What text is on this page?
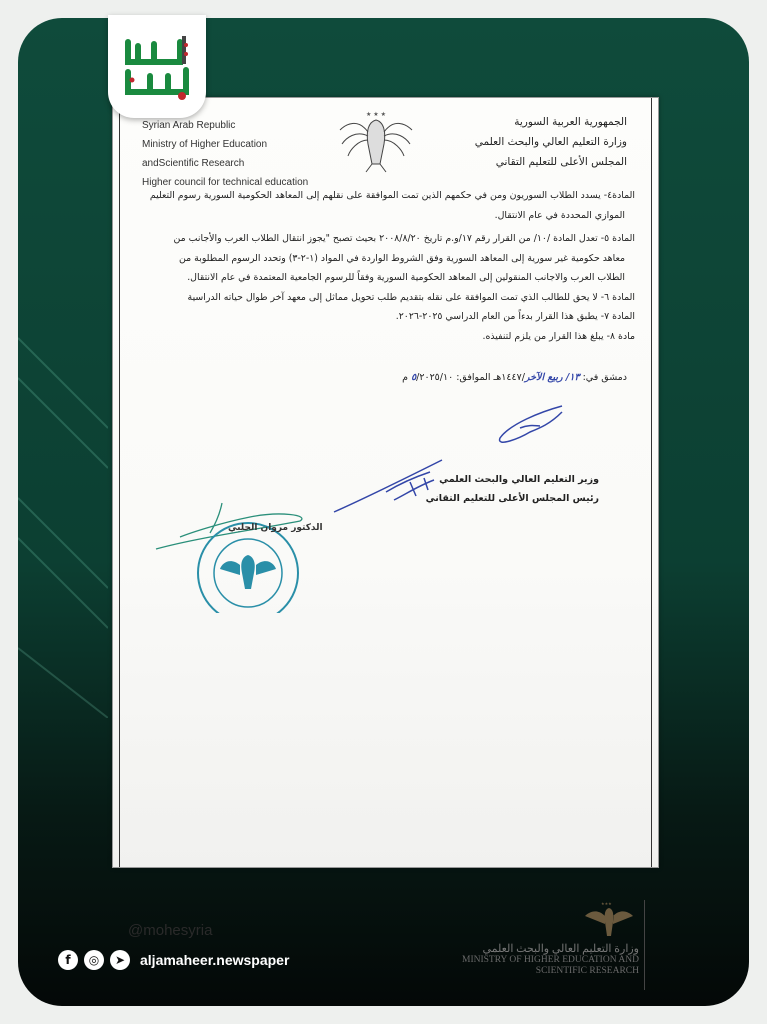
Syrian Arab Republic
Ministry of Higher Education
andScientific Research
Higher council for technical education
★ ★ ★
الجمهورية العربية السورية
وزارة التعليم العالي والبحث العلمي
المجلس الأعلى للتعليم التقاني

المادة٤- يسدد الطلاب السوريون ومن في حكمهم الذين تمت الموافقة على نقلهم إلى المعاهد الحكومية السورية رسوم التعليم

الموازي المحددة في عام الانتقال.

المادة ٥- تعدل المادة /١٠/ من القرار رقم ١٧/و.م تاريخ ٢٠٠٨/٨/٢٠ بحيث تصبح "يجوز انتقال الطلاب العرب والأجانب من

معاهد حكومية غير سورية إلى المعاهد السورية وفق الشروط الواردة في المواد (١-٢-٣) وتحدد الرسوم المطلوبة من

الطلاب العرب والاجانب المنقولين إلى المعاهد الحكومية السورية وفقاً للرسوم الجامعية المعتمدة في عام الانتقال.

المادة ٦- لا يحق للطالب الذي تمت الموافقة على نقله بتقديم طلب تحويل مماثل إلى معهد آخر طوال حياته الدراسية

المادة ٧- يطبق هذا القرار بدءاً من العام الدراسي ٢٠٢٥-٢٠٢٦.

مادة ٨- يبلغ هذا القرار من يلزم لتنفيذه.

دمشق في: ١٣/ ربيع الآخر/١٤٤٧هـ الموافق: ٥/٢٠٢٥/١٠ م
وزير التعليم العالي والبحث العلمي
رئيس المجلس الأعلى للتعليم التقاني
الدكتور مروان الحلبي
@mohesyria
f	◎	➤	aljamaheer.newspaper
★★★
وزارة التعليم العالي والبحث العلمي
MINISTRY OF HIGHER EDUCATION AND
SCIENTIFIC RESEARCH
